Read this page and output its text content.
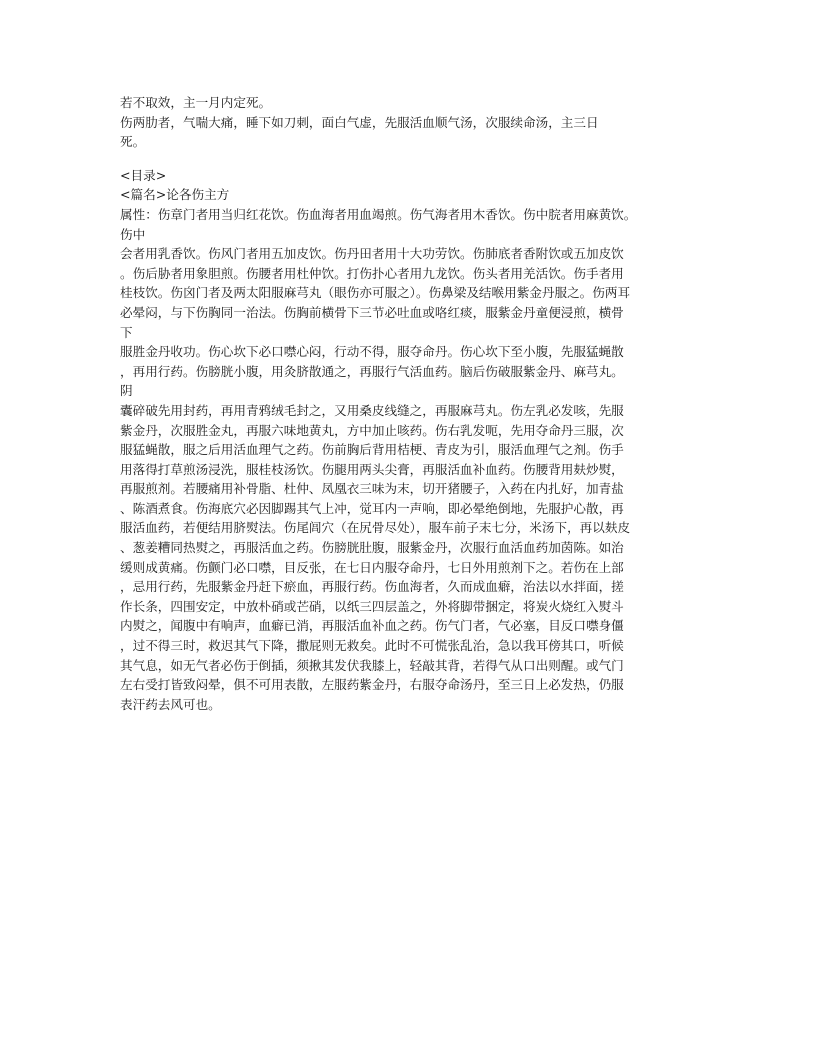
若不取效，主一月内定死。
伤两肋者，气喘大痛，睡下如刀刺，面白气虚，先服活血顺气汤，次服续命汤，主三日
死。
<目录>
<篇名>论各伤主方
属性：伤章门者用当归红花饮。伤血海者用血竭煎。伤气海者用木香饮。伤中脘者用麻黄饮。
伤中
会者用乳香饮。伤风门者用五加皮饮。伤丹田者用十大功劳饮。伤肺底者香附饮或五加皮饮
。伤后胁者用象胆煎。伤腰者用杜仲饮。打伤扑心者用九龙饮。伤头者用羌活饮。伤手者用
桂枝饮。伤囟门者及两太阳服麻芎丸（眼伤亦可服之）。伤鼻梁及结喉用紫金丹服之。伤两耳
必晕闷，与下伤胸同一治法。伤胸前横骨下三节必吐血或咯红痰，服紫金丹童便浸煎，横骨
下
服胜金丹收功。伤心坎下必口噤心闷，行动不得，服夺命丹。伤心坎下至小腹，先服猛蝇散
，再用行药。伤膀胱小腹，用灸脐散通之，再服行气活血药。脑后伤破服紫金丹、麻芎丸。
阴
囊碎破先用封药，再用青鸦绒毛封之，又用桑皮线缝之，再服麻芎丸。伤左乳必发咳，先服
紫金丹，次服胜金丸，再服六味地黄丸，方中加止咳药。伤右乳发呃，先用夺命丹三服，次
服猛蝇散，服之后用活血理气之药。伤前胸后背用桔梗、青皮为引，服活血理气之剂。伤手
用落得打草煎汤浸洗，服桂枝汤饮。伤腿用两头尖膏，再服活血补血药。伤腰背用麸炒熨，
再服煎剂。若腰痛用补骨脂、杜仲、凤凰衣三味为末，切开猪腰子，入药在内扎好，加青盐
、陈酒煮食。伤海底穴必因脚踢其气上冲，觉耳内一声响，即必晕绝倒地，先服护心散，再
服活血药，若便结用脐熨法。伤尾闾穴（在尻骨尽处），服车前子末七分，米汤下，再以麸皮
、葱姜糟同热熨之，再服活血之药。伤膀胱肚腹，服紫金丹，次服行血活血药加茵陈。如治
缓则成黄痛。伤颤门必口噤，目反张，在七日内服夺命丹，七日外用煎剂下之。若伤在上部
，忌用行药，先服紫金丹赶下瘀血，再服行药。伤血海者，久而成血癖，治法以水拌面，搓
作长条，四围安定，中放朴硝或芒硝，以纸三四层盖之，外将脚带捆定，将炭火烧红入熨斗
内熨之，闻腹中有响声，血癖已消，再服活血补血之药。伤气门者，气必塞，目反口噤身僵
，过不得三时，救迟其气下降，撒屁则无救矣。此时不可慌张乱治，急以我耳傍其口，听候
其气息，如无气者必伤于倒插，须揪其发伏我膝上，轻敲其背，若得气从口出则醒。或气门
左右受打皆致闷晕，俱不可用表散，左服药紫金丹，右服夺命汤丹，至三日上必发热，仍服
表汗药去风可也。
